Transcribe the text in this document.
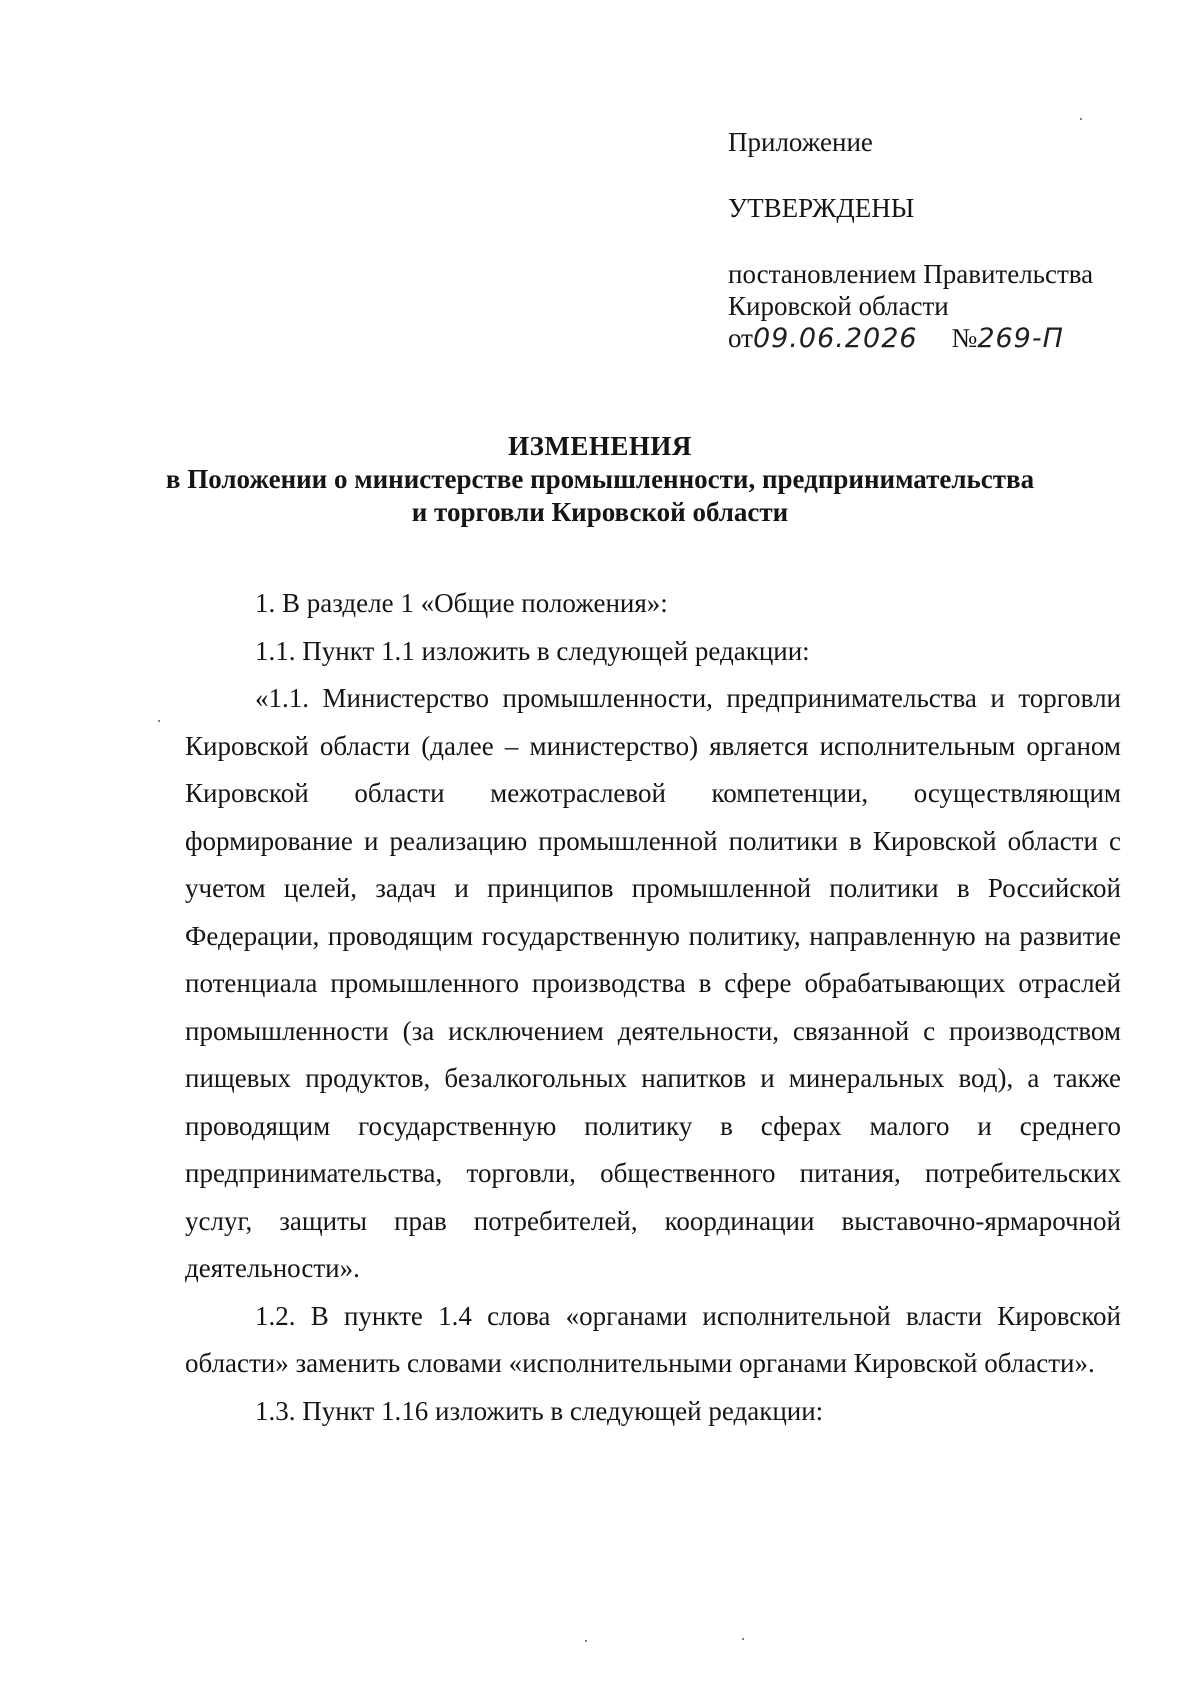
Приложение
УТВЕРЖДЕНЫ
постановлением Правительства
Кировской области
от09.06.2026 №269-П
ИЗМЕНЕНИЯ
в Положении о министерстве промышленности, предпринимательства
и торговли Кировской области

1. В разделе 1 «Общие положения»:

1.1. Пункт 1.1 изложить в следующей редакции:

«1.1. Министерство промышленности, предпринимательства и торговли Кировской области (далее – министерство) является исполнительным органом Кировской области межотраслевой компетенции, осуществляющим формирование и реализацию промышленной политики в Кировской области с учетом целей, задач и принципов промышленной политики в Российской Федерации, проводящим государственную политику, направленную на развитие потенциала промышленного производства в сфере обрабатывающих отраслей промышленности (за исключением деятельности, связанной с производством пищевых продуктов, безалкогольных напитков и минеральных вод), а также проводящим государственную политику в сферах малого и среднего предпринимательства, торговли, общественного питания, потребительских услуг, защиты прав потребителей, координации выставочно-ярмарочной деятельности».

1.2. В пункте 1.4 слова «органами исполнительной власти Кировской области» заменить словами «исполнительными органами Кировской области».

1.3. Пункт 1.16 изложить в следующей редакции:
